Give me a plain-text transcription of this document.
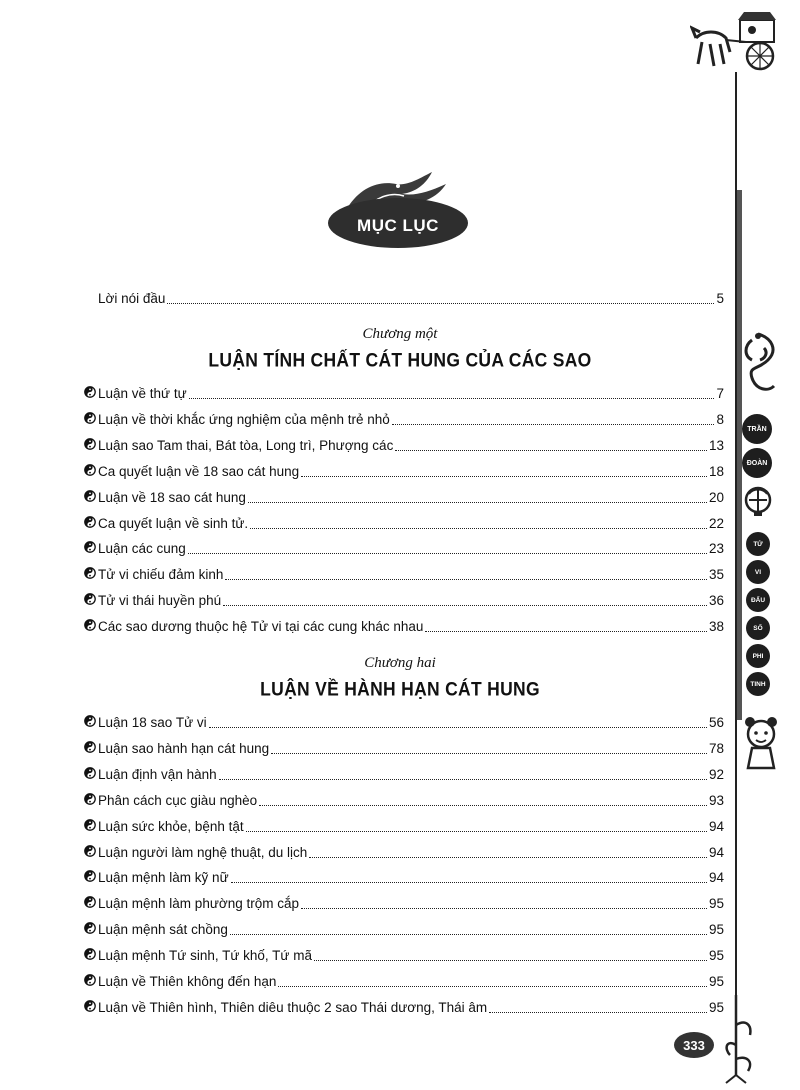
TRẦN
ĐOÀN
TỬ
VI
ĐẨU
SỐ
PHI
TINH
MỤC LỤC
Lời nói đầu	5
Chương một
LUẬN TÍNH CHẤT CÁT HUNG CỦA CÁC SAO
Luận về thứ tự	7
Luận về thời khắc ứng nghiệm của mệnh trẻ nhỏ	8
Luận sao Tam thai, Bát tòa, Long trì, Phượng các	13
Ca quyết luận về 18 sao cát hung	18
Luận về 18 sao cát hung	20
Ca quyết luận về sinh tử.	22
Luận các cung	23
Tử vi chiếu đảm kinh	35
Tử vi thái huyền phú	36
Các sao dương thuộc hệ Tử vi tại các cung khác nhau	38
Chương hai
LUẬN VỀ HÀNH HẠN CÁT HUNG
Luận 18 sao Tử vi	56
Luận sao hành hạn cát hung	78
Luận định vận hành	92
Phân cách cục giàu nghèo	93
Luận sức khỏe, bệnh tật	94
Luận người làm nghệ thuật, du lịch	94
Luận mệnh làm kỹ nữ	94
Luận mệnh làm phường trộm cắp	95
Luận mệnh sát chồng	95
Luận mệnh Tứ sinh, Tứ khố, Tứ mã	95
Luận về Thiên không đến hạn	95
Luận về Thiên hình, Thiên diêu thuộc 2 sao Thái dương, Thái âm	95
333
